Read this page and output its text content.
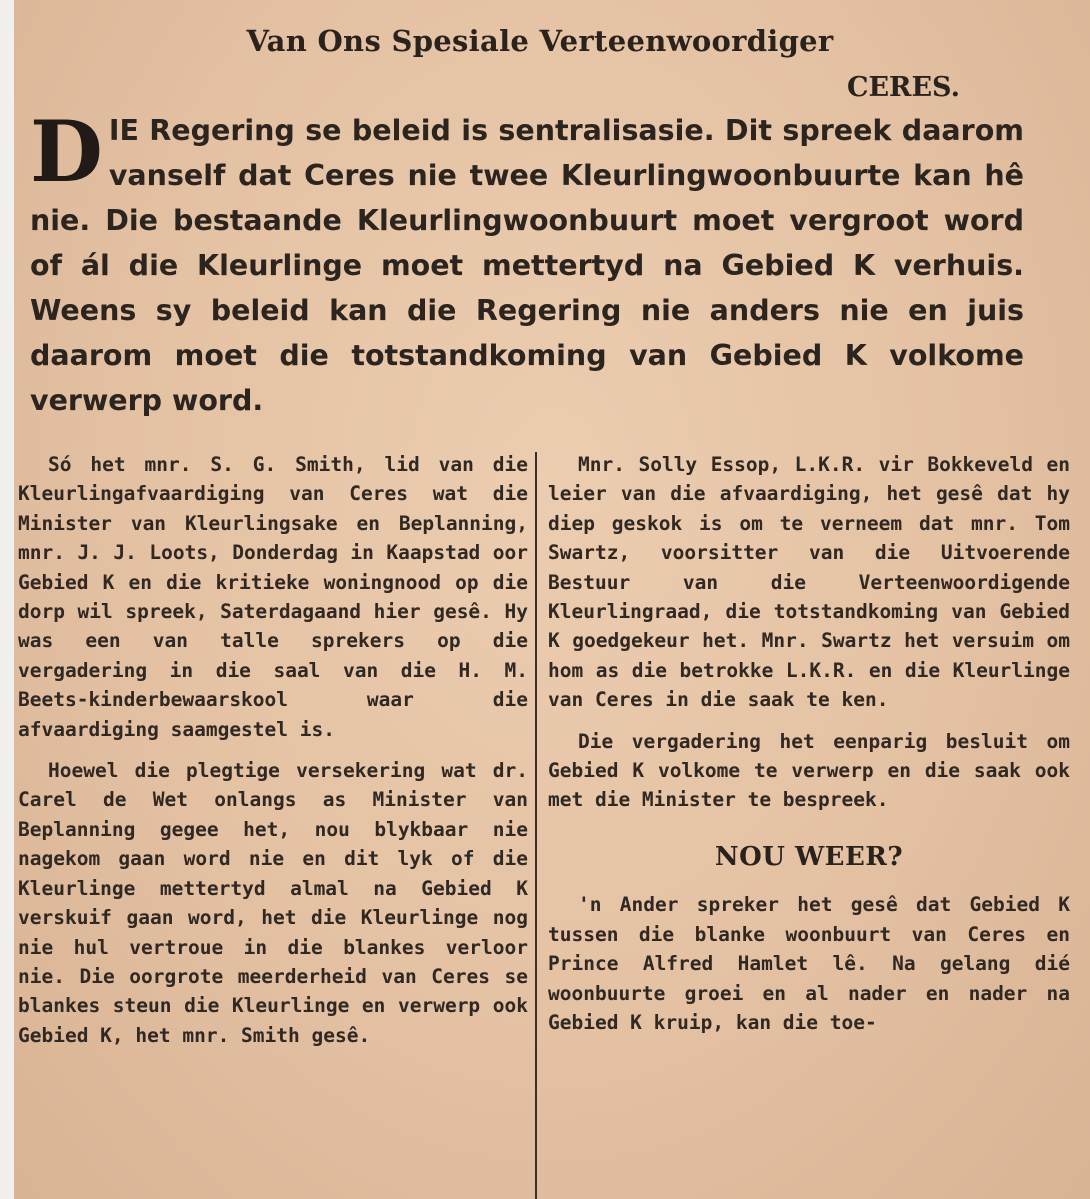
Van Ons Spesiale Verteenwoordiger
CERES.

DIE Regering se beleid is sentralisasie. Dit spreek daarom vanself dat Ceres nie twee Kleurlingwoonbuurte kan hê nie. Die bestaande Kleurlingwoonbuurt moet vergroot word of ál die Kleurlinge moet mettertyd na Gebied K verhuis. Weens sy beleid kan die Regering nie anders nie en juis daarom moet die totstandkoming van Gebied K volkome verwerp word.

Só het mnr. S. G. Smith, lid van die Kleurlingafvaardiging van Ceres wat die Minister van Kleurlingsake en Beplanning, mnr. J. J. Loots, Donderdag in Kaapstad oor Gebied K en die kritieke woningnood op die dorp wil spreek, Saterdagaand hier gesê. Hy was een van talle sprekers op die vergadering in die saal van die H. M. Beets-kinderbewaarskool waar die afvaardiging saamgestel is.

Hoewel die plegtige versekering wat dr. Carel de Wet onlangs as Minister van Beplanning gegee het, nou blykbaar nie nagekom gaan word nie en dit lyk of die Kleurlinge mettertyd almal na Gebied K verskuif gaan word, het die Kleurlinge nog nie hul vertroue in die blankes verloor nie. Die oorgrote meerderheid van Ceres se blankes steun die Kleurlinge en verwerp ook Gebied K, het mnr. Smith gesê.

Mnr. Solly Essop, L.K.R. vir Bokkeveld en leier van die afvaardiging, het gesê dat hy diep geskok is om te verneem dat mnr. Tom Swartz, voorsitter van die Uitvoerende Bestuur van die Verteenwoordigende Kleurlingraad, die totstandkoming van Gebied K goedgekeur het. Mnr. Swartz het versuim om hom as die betrokke L.K.R. en die Kleurlinge van Ceres in die saak te ken.

Die vergadering het eenparig besluit om Gebied K volkome te verwerp en die saak ook met die Minister te bespreek.

NOU WEER?

'n Ander spreker het gesê dat Gebied K tussen die blanke woonbuurt van Ceres en Prince Alfred Hamlet lê. Na gelang dié woonbuurte groei en al nader en nader na Gebied K kruip, kan die toe-
